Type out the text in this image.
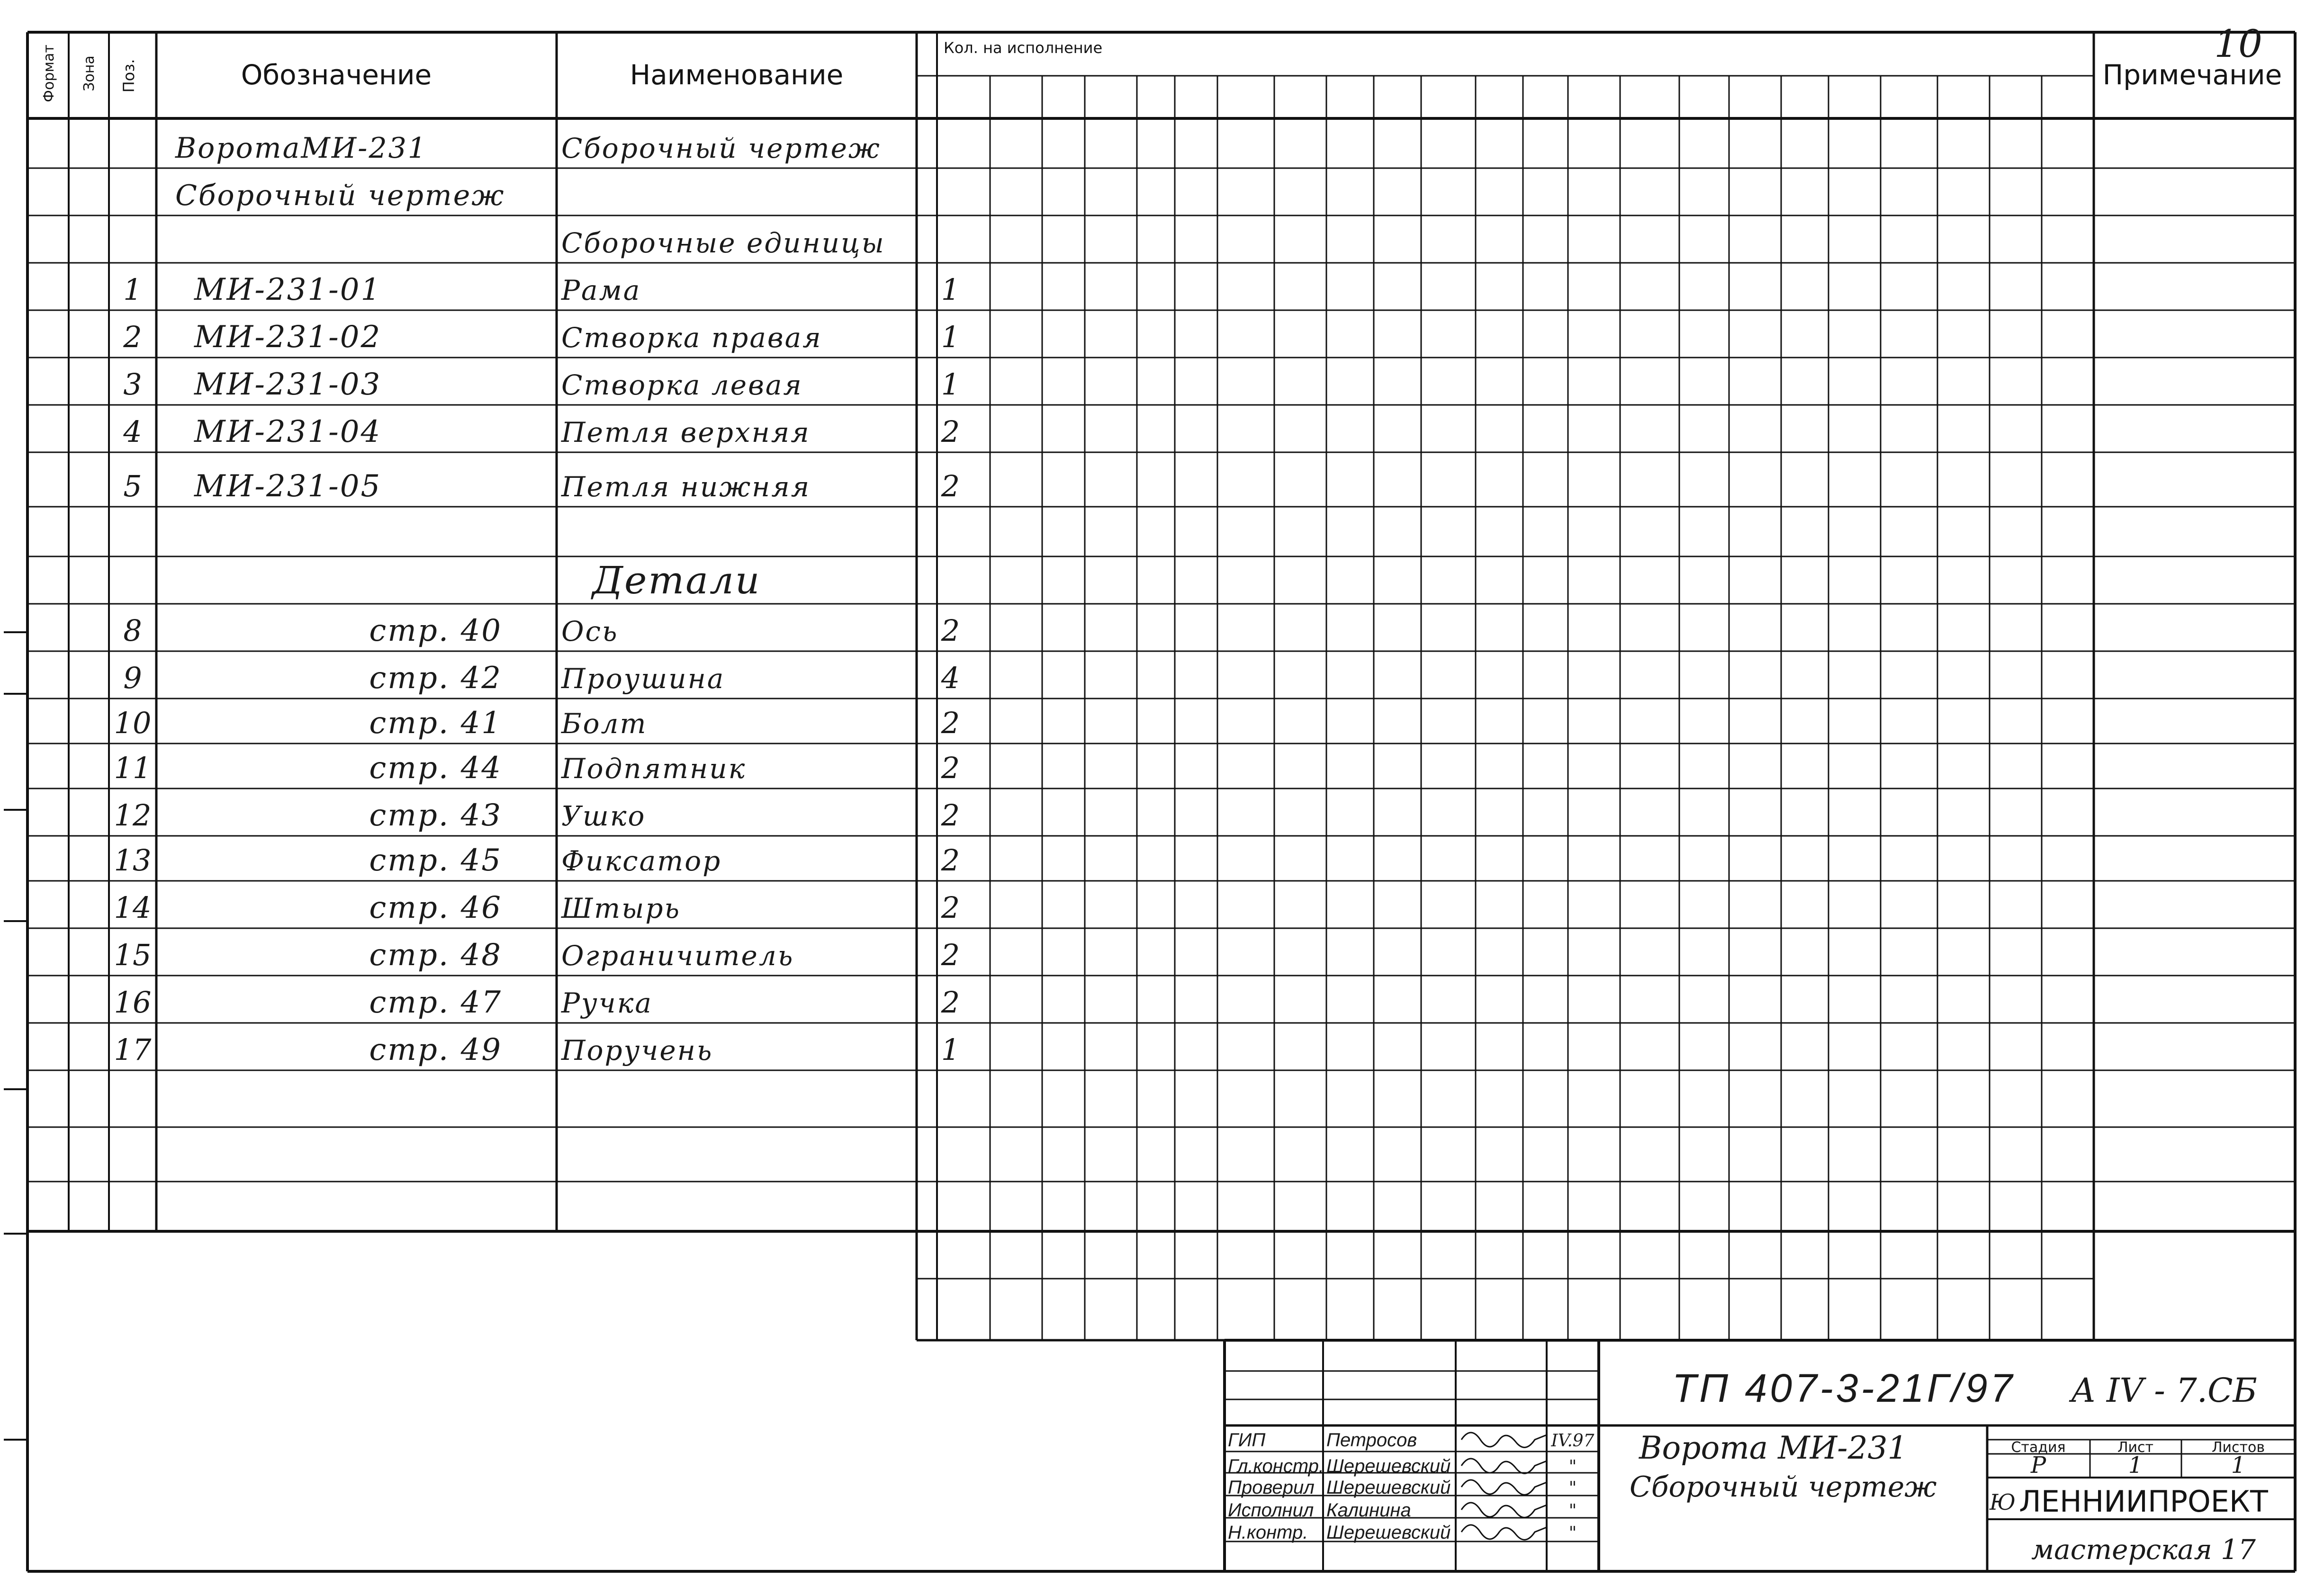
Формат Зона Поз.	Обозначение	Наименование
Кол. на исполнение
Примечание
10
ВоротаМИ-231	Сборочный чертеж
Сборочный чертеж
Сборочные единицы
1 МИ-231-01	Рама	1
2 МИ-231-02	Створка правая	1
3 МИ-231-03	Створка левая	1
4 МИ-231-04	Петля верхняя	2
5 МИ-231-05	Петля нижняя	2
Детали
8	стр. 40 Ось	2
9	стр. 42 Проушина	4
10	стр. 41 Болт	2
11	стр. 44 Подпятник	2
12	стр. 43 Ушко	2
13	стр. 45 Фиксатор	2
14	стр. 46 Штырь	2
15	стр. 48 Ограничитель	2
16	стр. 47 Ручка	2
17	стр. 49 Поручень	1
ТП 407-3-21Г/97 А IV - 7.СБ
Ворота МИ-231
Сборочный чертеж
Стадия	Лист	Листов
Р	1	1
Ю ЛЕННИИПРОЕКТ
мастерская 17
ГИП	Петросов	IV.97
Гл.констр. Шерешевский	"
Проверил Шерешевский	"
Исполнил Калинина	"
Н.контр. Шерешевский	"
